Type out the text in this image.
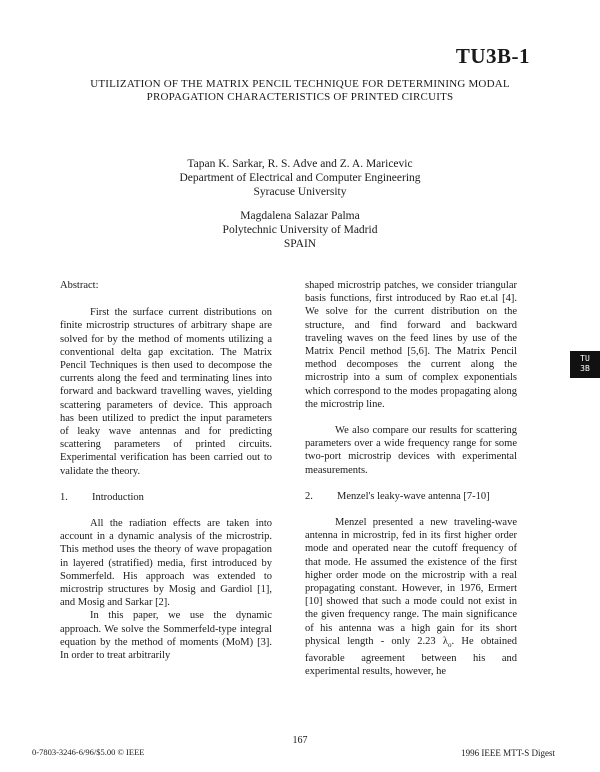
TU3B-1
UTILIZATION OF THE MATRIX PENCIL TECHNIQUE FOR DETERMINING MODAL
PROPAGATION CHARACTERISTICS OF PRINTED CIRCUITS
Tapan K. Sarkar, R. S. Adve and Z. A. Maricevic
Department of Electrical and Computer Engineering
Syracuse University
Magdalena Salazar Palma
Polytechnic University of Madrid
SPAIN

Abstract:

First the surface current distributions on finite microstrip structures of arbitrary shape are solved for by the method of moments utilizing a conventional delta gap excitation. The Matrix Pencil Techniques is then used to decompose the currents along the feed and terminating lines into forward and backward travelling waves, yielding scattering parameters of device. This approach has been utilized to predict the input parameters of leaky wave antennas and for predicting scattering parameters of printed circuits. Experimental verification has been carried out to validate the theory.

1.	Introduction

All the radiation effects are taken into account in a dynamic analysis of the microstrip. This method uses the theory of wave propagation in layered (stratified) media, first introduced by Sommerfeld. His approach was extended to microstrip structures by Mosig and Gardiol [1], and Mosig and Sarkar [2].

In this paper, we use the dynamic approach. We solve the Sommerfeld-type integral equation by the method of moments (MoM) [3]. In order to treat arbitrarily

shaped microstrip patches, we consider triangular basis functions, first introduced by Rao et.al [4]. We solve for the current distribution on the structure, and find forward and backward traveling waves on the feed lines by use of the Matrix Pencil method [5,6]. The Matrix Pencil method decomposes the current along the microstrip into a sum of complex exponentials which correspond to the modes propagating along the microstrip line.

We also compare our results for scattering parameters over a wide frequency range for some two-port microstrip devices with experimental measurements.

2.	Menzel's leaky-wave antenna [7-10]

Menzel presented a new traveling-wave antenna in microstrip, fed in its first higher order mode and operated near the cutoff frequency of that mode. He assumed the existence of the first higher order mode on the microstrip with a real propagating constant. However, in 1976, Ermert [10] showed that such a mode could not exist in the given frequency range. The main significance of his antenna was a high gain for its short physical length - only 2.23 $\lambda_o$. He obtained favorable agreement between his and experimental results, however, he

TU
3B
167
0-7803-3246-6/96/$5.00 © IEEE	1996 IEEE MTT-S Digest
